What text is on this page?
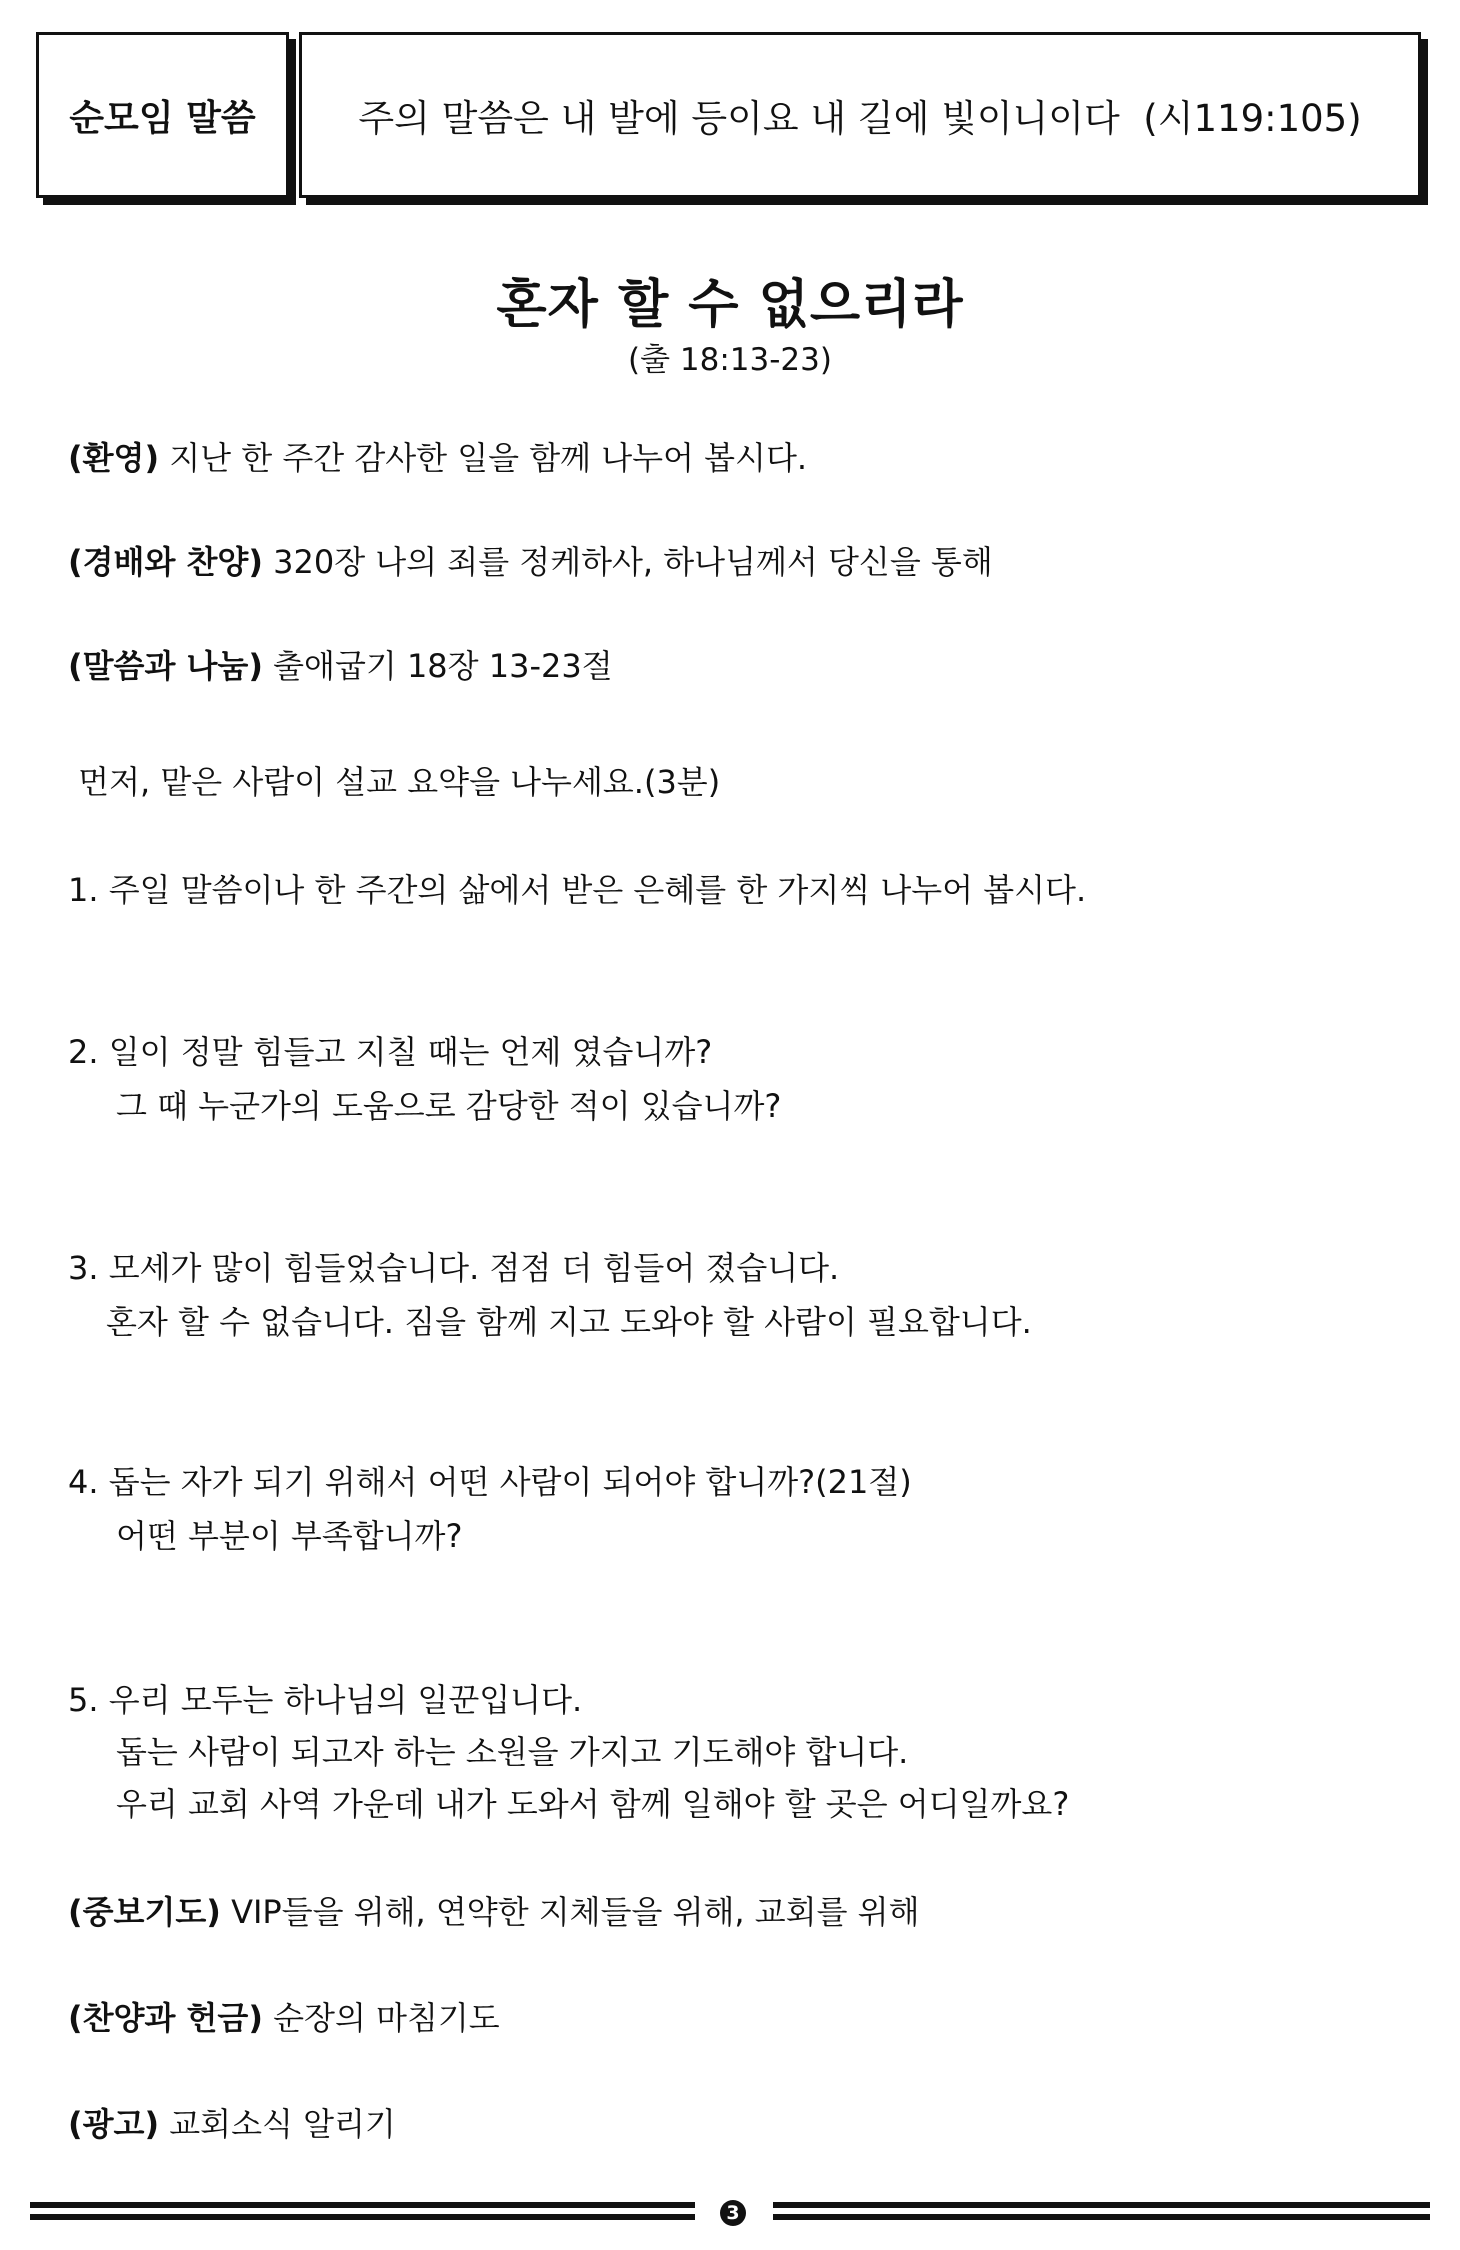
순모임 말씀	주의 말씀은 내 발에 등이요 내 길에 빛이니이다  (시119:105)
혼자 할 수 없으리라
(출 18:13-23)
(환영) 지난 한 주간 감사한 일을 함께 나누어 봅시다.
(경배와 찬양) 320장 나의 죄를 정케하사, 하나님께서 당신을 통해
(말씀과 나눔) 출애굽기 18장 13-23절
먼저, 맡은 사람이 설교 요약을 나누세요.(3분)
1. 주일 말씀이나 한 주간의 삶에서 받은 은혜를 한 가지씩 나누어 봅시다.
2. 일이 정말 힘들고 지칠 때는 언제 였습니까?
그 때 누군가의 도움으로 감당한 적이 있습니까?
3. 모세가 많이 힘들었습니다. 점점 더 힘들어 졌습니다.
혼자 할 수 없습니다. 짐을 함께 지고 도와야 할 사람이 필요합니다.
4. 돕는 자가 되기 위해서 어떤 사람이 되어야 합니까?(21절)
어떤 부분이 부족합니까?
5. 우리 모두는 하나님의 일꾼입니다.
돕는 사람이 되고자 하는 소원을 가지고 기도해야 합니다.
우리 교회 사역 가운데 내가 도와서 함께 일해야 할 곳은 어디일까요?
(중보기도) VIP들을 위해, 연약한 지체들을 위해, 교회를 위해
(찬양과 헌금) 순장의 마침기도
(광고) 교회소식 알리기
3
